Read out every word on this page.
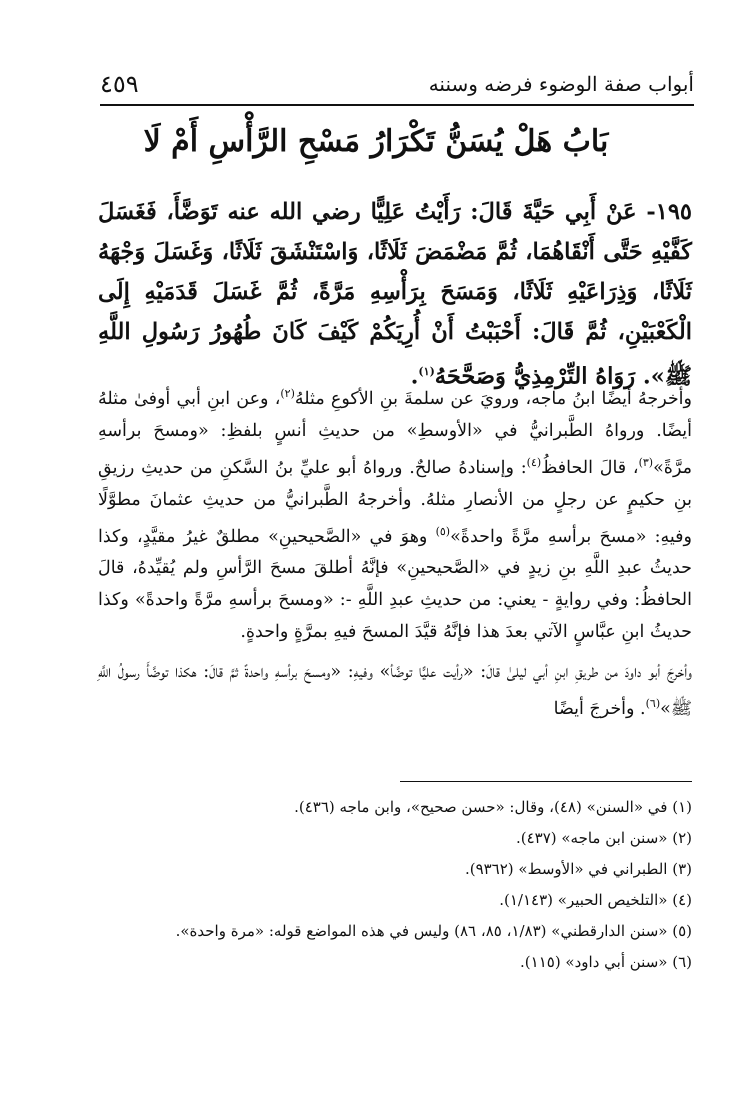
أبواب صفة الوضوء فرضه وسننه
٤٥٩
بَابُ هَلْ يُسَنُّ تَكْرَارُ مَسْحِ الرَّأْسِ أَمْ لَا
١٩٥- عَنْ أَبِي حَيَّةَ قَالَ: رَأَيْتُ عَلِيًّا رضي الله عنه تَوَضَّأَ، فَغَسَلَ كَفَّيْهِ حَتَّى أَنْقَاهُمَا، ثُمَّ مَضْمَضَ ثَلَاثًا، وَاسْتَنْشَقَ ثَلَاثًا، وَغَسَلَ وَجْهَهُ ثَلَاثًا، وَذِرَاعَيْهِ ثَلَاثًا، وَمَسَحَ بِرَأْسِهِ مَرَّةً، ثُمَّ غَسَلَ قَدَمَيْهِ إِلَى الْكَعْبَيْنِ، ثُمَّ قَالَ: أَحْبَبْتُ أَنْ أُرِيَكُمْ كَيْفَ كَانَ طُهُورُ رَسُولِ اللَّهِ ﷺ». رَوَاهُ التِّرْمِذِيُّ وَصَحَّحَهُ$^{(١)}$.

وأخرجهُ أيضًا ابنُ ماجه، ورويَ عن سلمةَ بنِ الأكوعِ مثلهُ$^{(٢)}$، وعن ابنِ أبي أوفىٰ مثلهُ أيضًا. ورواهُ الطَّبرانيُّ في «الأوسطِ» من حديثِ أنسٍ بلفظِ: «ومسحَ برأسهِ مرَّةً»$^{(٣)}$، قالَ الحافظُ$^{(٤)}$: وإسنادهُ صالحٌ. ورواهُ أبو عليِّ بنُ السَّكنِ من حديثِ رزيقِ بنِ حكيمٍ عن رجلٍ من الأنصارِ مثلهُ. وأخرجهُ الطَّبرانيُّ من حديثِ عثمانَ مطوَّلًا وفيهِ: «مسحَ برأسهِ مرَّةً واحدةً»$^{(٥)}$ وهوَ في «الصَّحيحينِ» مطلقٌ غيرُ مقيَّدٍ، وكذا حديثُ عبدِ اللَّهِ بنِ زيدٍ في «الصَّحيحينِ» فإنَّهُ أطلقَ مسحَ الرَّأسِ ولم يُقيِّدهُ، قالَ الحافظُ: وفي روايةٍ - يعني: من حديثِ عبدِ اللَّهِ -: «ومسحَ برأسهِ مرَّةً واحدةً» وكذا حديثُ ابنِ عبَّاسٍ الآتي بعدَ هذا فإنَّهُ قيَّدَ المسحَ فيهِ بمرَّةٍ واحدةٍ.

وأخرجَ أبو داودَ من طريقِ ابنِ أبي ليلىٰ قالَ: «رأيت عليًّا توضَّأ» وفيهِ: «ومسحَ برأسهِ واحدةً ثمَّ قالَ: هكذا توضَّأَ رسولُ اللَّهِ ﷺ»$^{(٦)}$. وأخرجَ أيضًا

(١) في «السنن» (٤٨)، وقال: «حسن صحيح»، وابن ماجه (٤٣٦).
(٢) «سنن ابن ماجه» (٤٣٧).
(٣) الطبراني في «الأوسط» (٩٣٦٢).
(٤) «التلخيص الحبير» (١/١٤٣).
(٥) «سنن الدارقطني» (١/٨٣، ٨٥، ٨٦) وليس في هذه المواضع قوله: «مرة واحدة».
(٦) «سنن أبي داود» (١١٥).
